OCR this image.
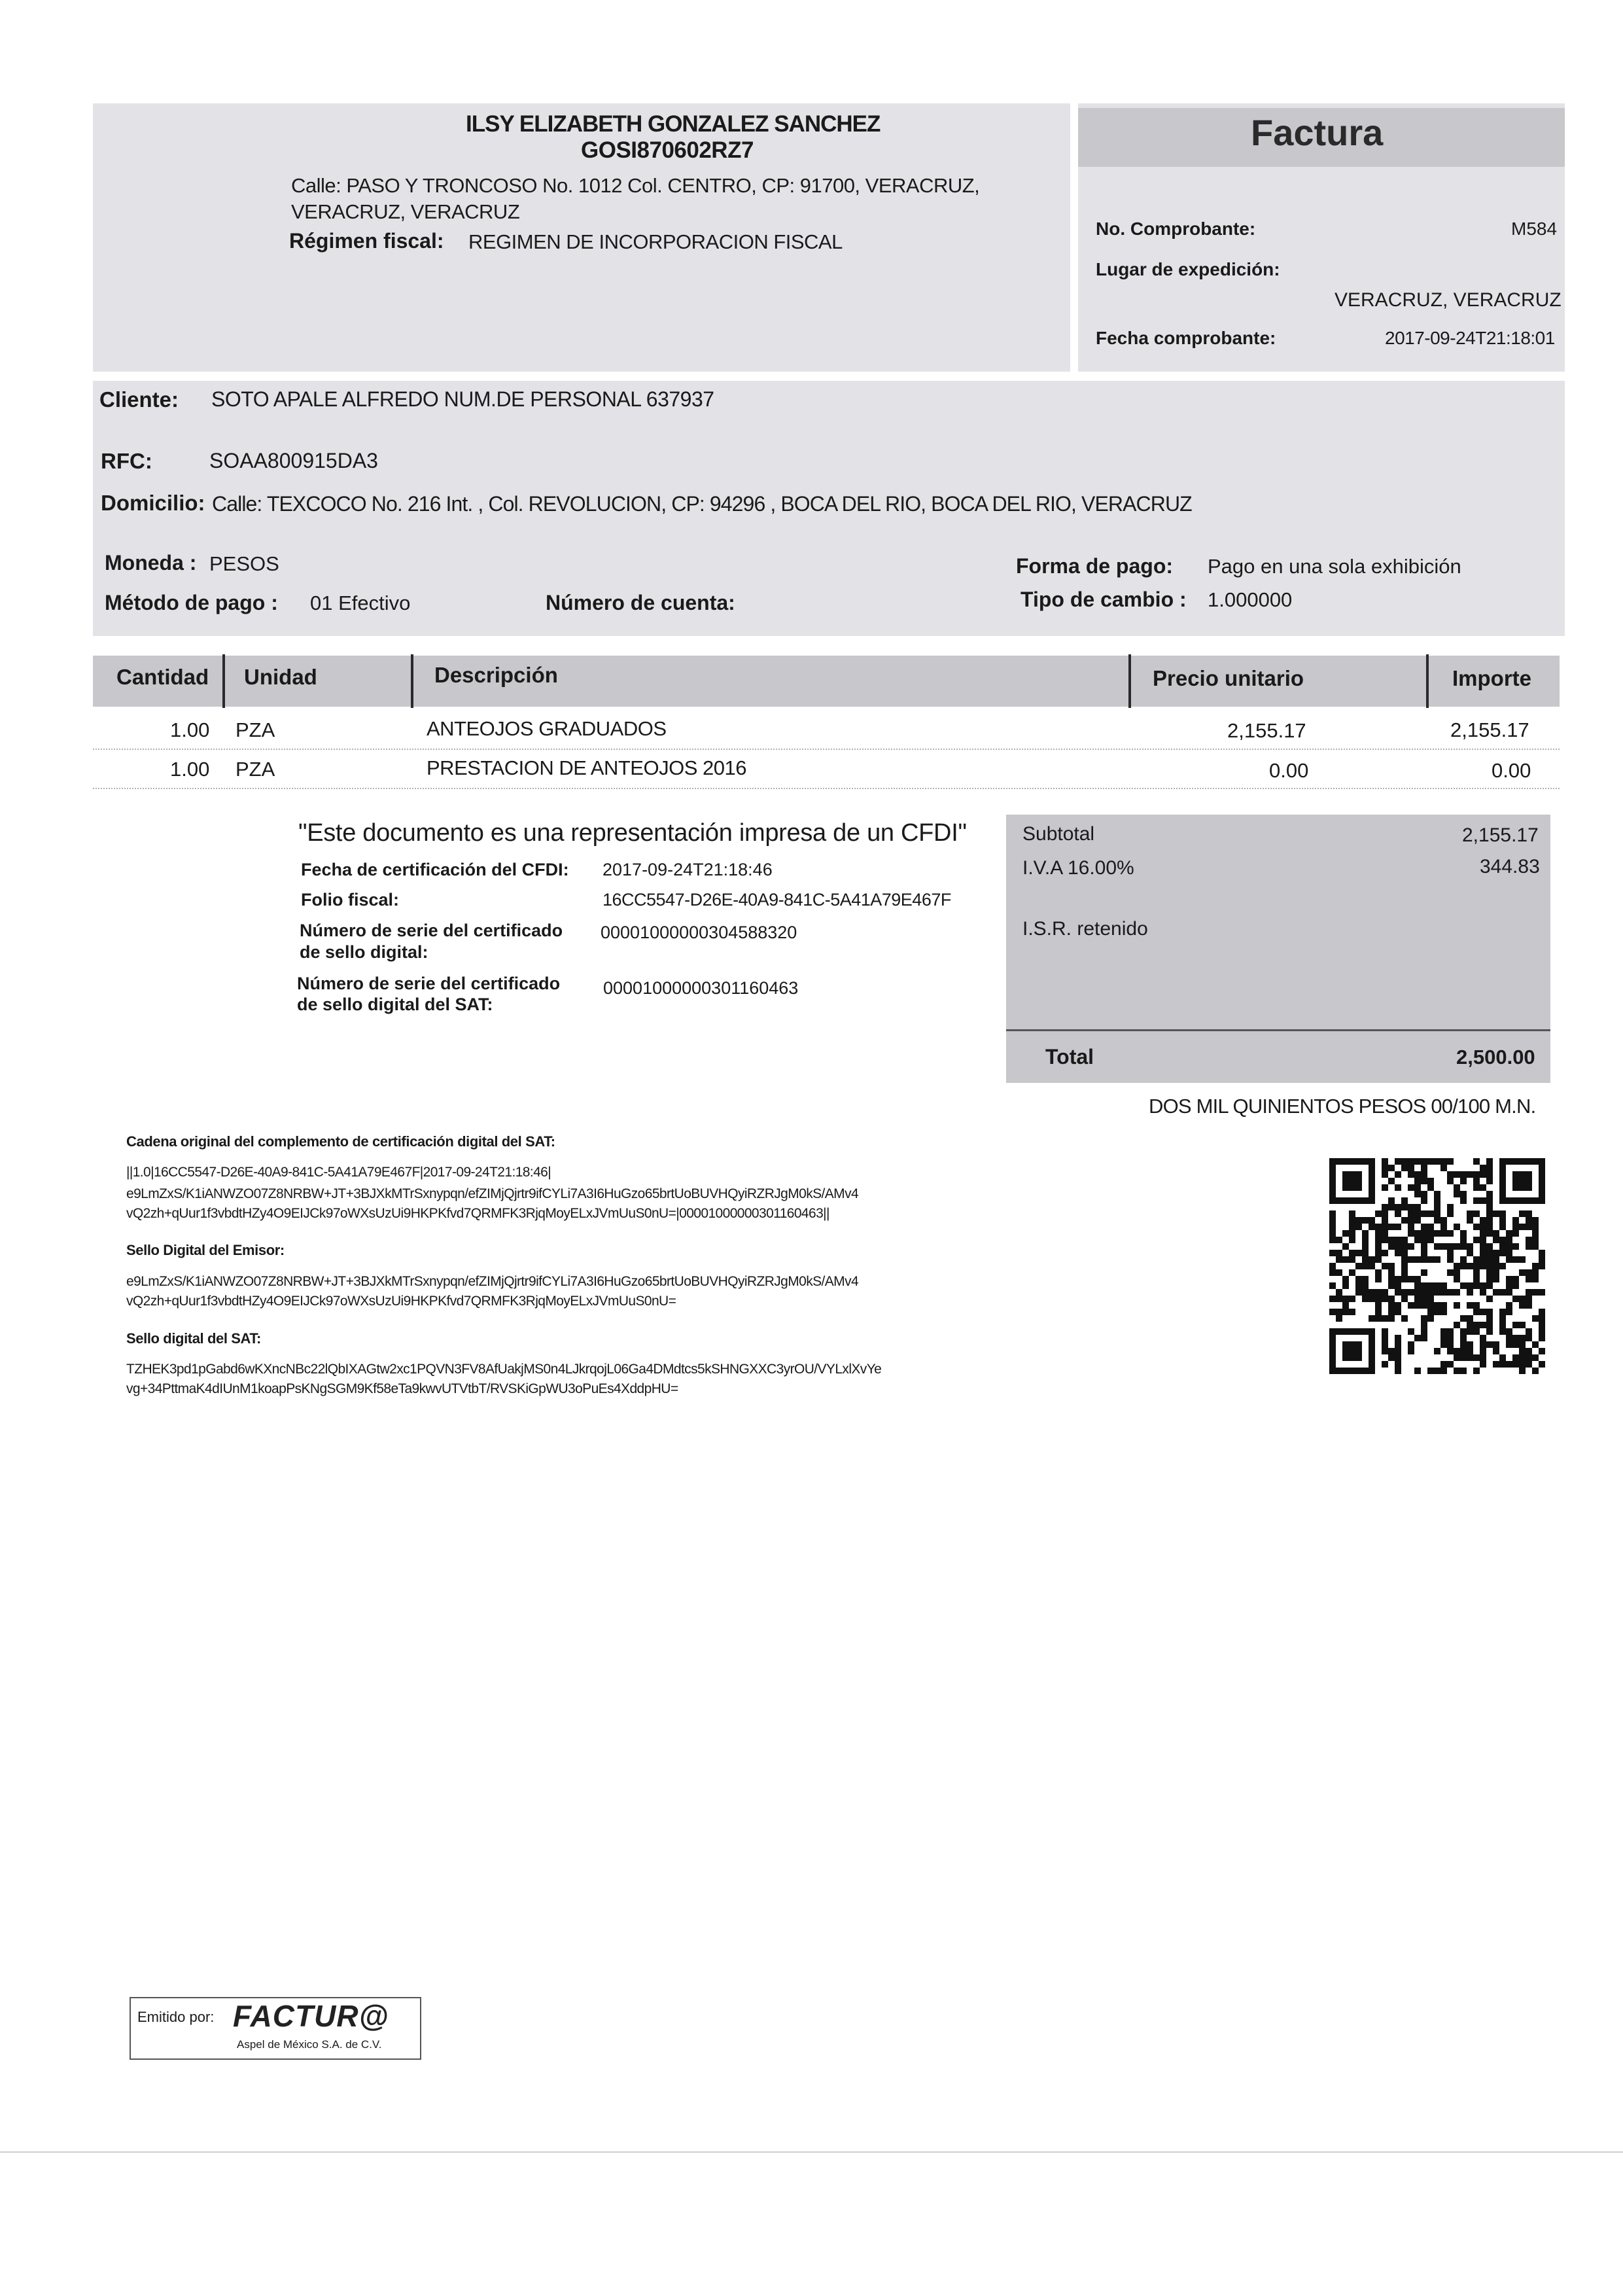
ILSY ELIZABETH GONZALEZ SANCHEZ
GOSI870602RZ7
Calle: PASO Y TRONCOSO No. 1012 Col. CENTRO, CP: 91700, VERACRUZ,
VERACRUZ, VERACRUZ
Régimen fiscal: REGIMEN DE INCORPORACION FISCAL
Factura
No. Comprobante:	M584
Lugar de expedición:
VERACRUZ, VERACRUZ
Fecha comprobante:	2017-09-24T21:18:01
Cliente: SOTO APALE ALFREDO NUM.DE PERSONAL 637937
RFC:	SOAA800915DA3
Domicilio: Calle: TEXCOCO No. 216 Int. , Col. REVOLUCION, CP: 94296 , BOCA DEL RIO, BOCA DEL RIO, VERACRUZ
Moneda : PESOS
Método de pago : 01 Efectivo	Número de cuenta:
Forma de pago: Pago en una sola exhibición
Tipo de cambio : 1.000000
Cantidad Unidad	Descripción	Precio unitario	Importe
1.00 PZA	ANTEOJOS GRADUADOS	2,155.17	2,155.17
1.00 PZA	PRESTACION DE ANTEOJOS 2016	0.00	0.00
"Este documento es una representación impresa de un CFDI"
Fecha de certificación del CFDI: 2017-09-24T21:18:46
Folio fiscal:	16CC5547-D26E-40A9-841C-5A41A79E467F
Número de serie del certificado
de sello digital:
00001000000304588320
Número de serie del certificado
de sello digital del SAT:
00001000000301160463
Subtotal	2,155.17
I.V.A 16.00%	344.83
I.S.R. retenido
Total	2,500.00
DOS MIL QUINIENTOS PESOS 00/100 M.N.
Cadena original del complemento de certificación digital del SAT:
||1.0|16CC5547-D26E-40A9-841C-5A41A79E467F|2017-09-24T21:18:46|
e9LmZxS/K1iANWZO07Z8NRBW+JT+3BJXkMTrSxnypqn/efZIMjQjrtr9ifCYLi7A3I6HuGzo65brtUoBUVHQyiRZRJgM0kS/AMv4
vQ2zh+qUur1f3vbdtHZy4O9EIJCk97oWXsUzUi9HKPKfvd7QRMFK3RjqMoyELxJVmUuS0nU=|00001000000301160463||
Sello Digital del Emisor:
e9LmZxS/K1iANWZO07Z8NRBW+JT+3BJXkMTrSxnypqn/efZIMjQjrtr9ifCYLi7A3I6HuGzo65brtUoBUVHQyiRZRJgM0kS/AMv4
vQ2zh+qUur1f3vbdtHZy4O9EIJCk97oWXsUzUi9HKPKfvd7QRMFK3RjqMoyELxJVmUuS0nU=
Sello digital del SAT:
TZHEK3pd1pGabd6wKXncNBc22lQbIXAGtw2xc1PQVN3FV8AfUakjMS0n4LJkrqojL06Ga4DMdtcs5kSHNGXXC3yrOU/VYLxlXvYe
vg+34PttmaK4dIUnM1koapPsKNgSGM9Kf58eTa9kwvUTVtbT/RVSKiGpWU3oPuEs4XddpHU=
Emitido por: FACTUR@
Aspel de México S.A. de C.V.
